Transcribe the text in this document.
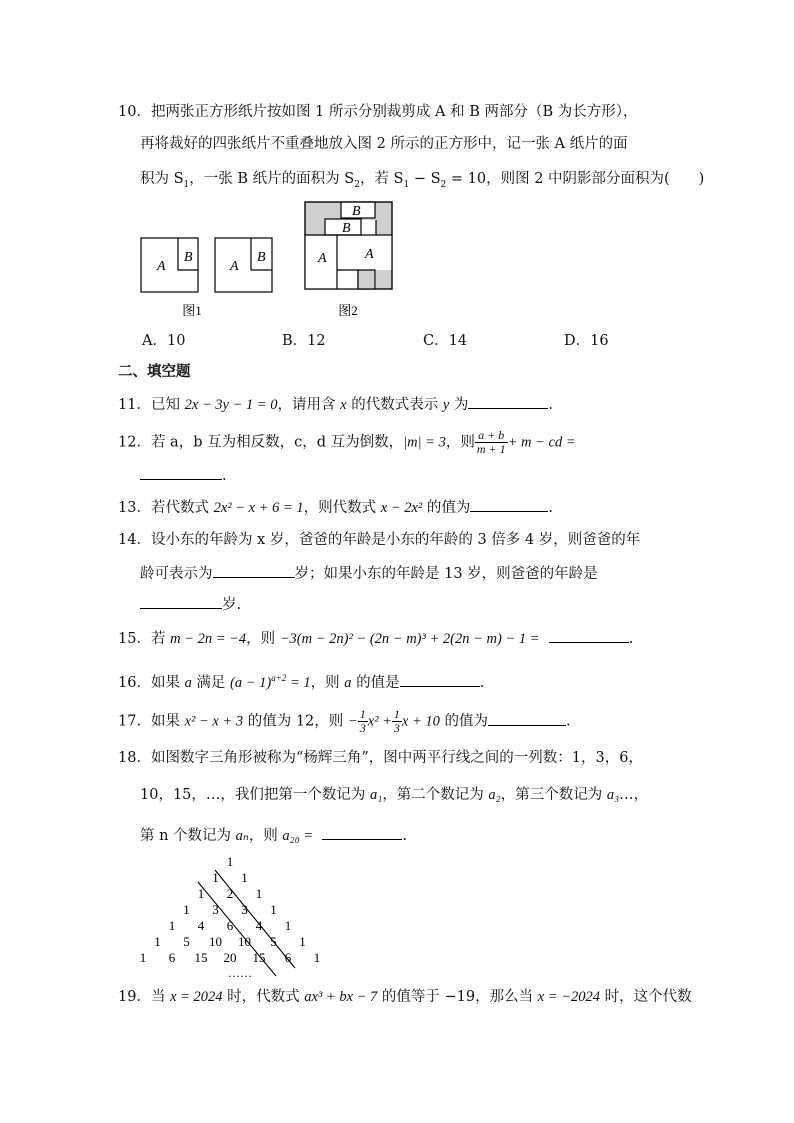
10．把两张正方形纸片按如图 1 所示分别裁剪成 A 和 B 两部分（B 为长方形），
再将裁好的四张纸片不重叠地放入图 2 所示的正方形中，记一张 A 纸片的面
积为 $S_1$，一张 B 纸片的面积为 $S_2$，若 $S_1 - S_2 = 10$，则图 2 中阴影部分面积为(　　)
A
B
A
B
B
B
A	A
图1	图2
A．10	B．12	C．14	D．16
二、填空题
11．已知 2x − 3y − 1 = 0，请用含 x 的代数式表示 y 为	.
12．若 a，b 互为相反数，c，d 互为倒数，|m| = 3，则 $\frac{a + b}{m + 1} + m$ − cd =
.
13．若代数式 2x² − x + 6 = 1，则代数式 x − 2x² 的值为	.
14．设小东的年龄为 x 岁，爸爸的年龄是小东的年龄的 3 倍多 4 岁，则爸爸的年
龄可表示为	岁；如果小东的年龄是 13 岁，则爸爸的年龄是
岁.
15．若 m − 2n = −4，则 −3(m − 2n)² − (2n − m)³ + 2(2n − m) − 1 =	.
16．如果 a 满足 $(a - 1)^{a+2} = 1$，则 a 的值是	.
17．如果 x² − x + 3 的值为 12，则 − $\frac{1}{3} x^2 + \frac{1}{3}$ x + 10 的值为	.
18．如图数字三角形被称为“杨辉三角”，图中两平行线之间的一列数：1，3，6，
10，15，…，我们把第一个数记为 a₁，第二个数记为 a₂，第三个数记为 a₃…，
第 n 个数记为 aₙ，则 a₂₀ =	.
1
1 1
1 2 1
1 3 3 1
1 4 6 4 1
1 5 10 10 5 1
1 6 15 20 15 6 1
……
19．当 x = 2024 时，代数式 ax³ + bx − 7 的值等于 −19，那么当 x = −2024 时，这个代数
